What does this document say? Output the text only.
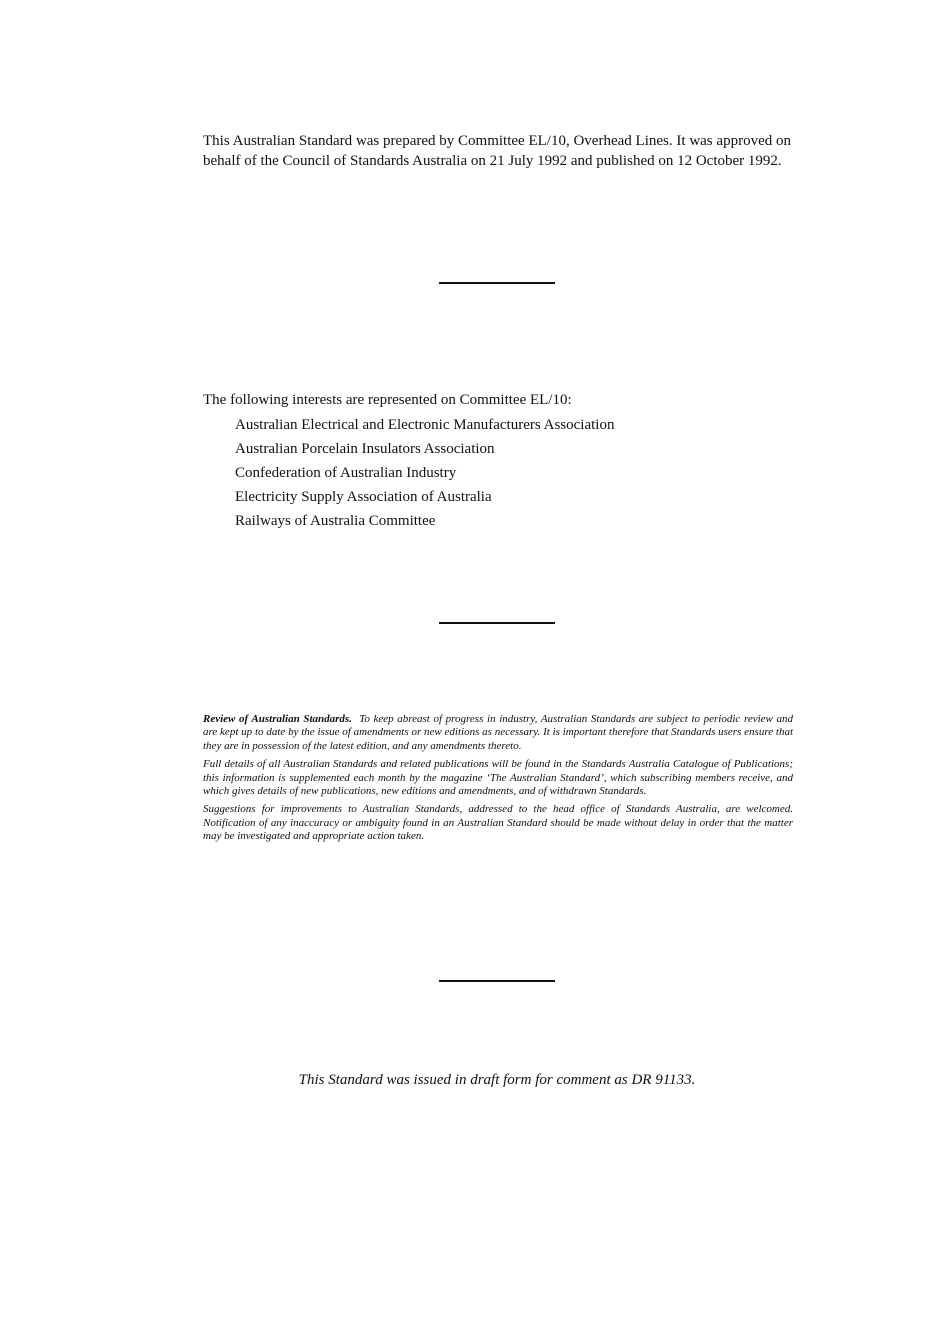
This Australian Standard was prepared by Committee EL/10, Overhead Lines. It was approved on behalf of the Council of Standards Australia on 21 July 1992 and published on 12 October 1992.
The following interests are represented on Committee EL/10:
Australian Electrical and Electronic Manufacturers Association
Australian Porcelain Insulators Association
Confederation of Australian Industry
Electricity Supply Association of Australia
Railways of Australia Committee

Review of Australian Standards. To keep abreast of progress in industry, Australian Standards are subject to periodic review and are kept up to date by the issue of amendments or new editions as necessary. It is important therefore that Standards users ensure that they are in possession of the latest edition, and any amendments thereto.

Full details of all Australian Standards and related publications will be found in the Standards Australia Catalogue of Publications; this information is supplemented each month by the magazine ‘The Australian Standard’, which subscribing members receive, and which gives details of new publications, new editions and amendments, and of withdrawn Standards.

Suggestions for improvements to Australian Standards, addressed to the head office of Standards Australia, are welcomed. Notification of any inaccuracy or ambiguity found in an Australian Standard should be made without delay in order that the matter may be investigated and appropriate action taken.

This Standard was issued in draft form for comment as DR 91133.
